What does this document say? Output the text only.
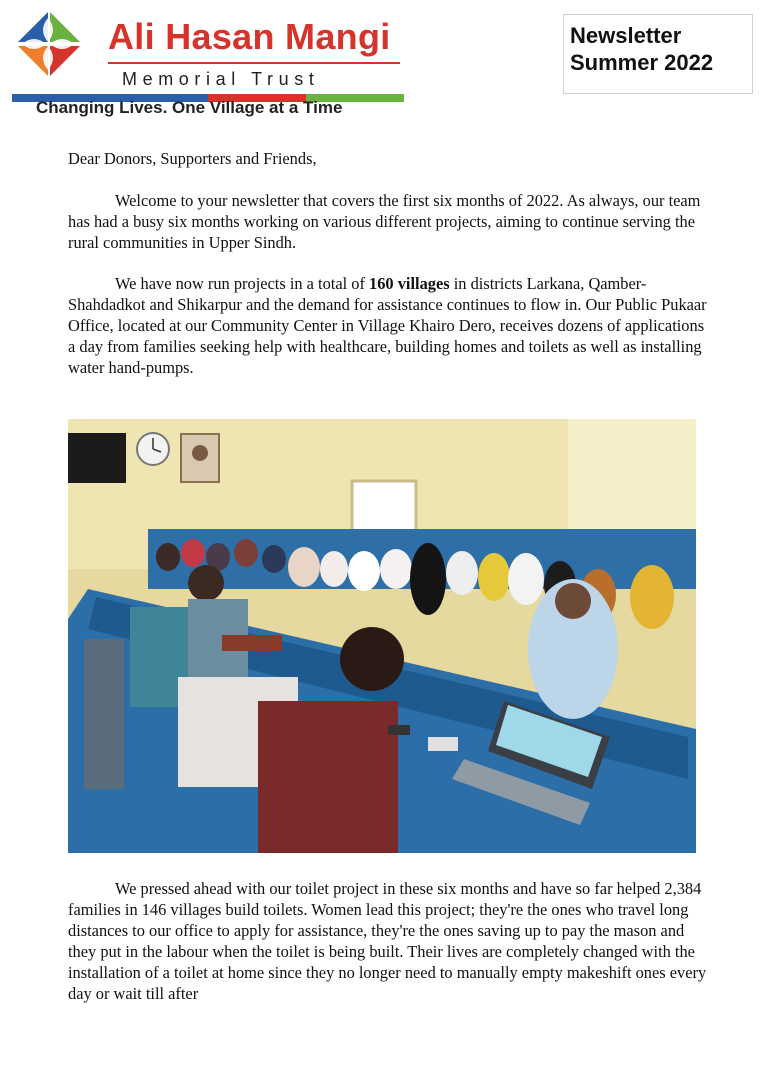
Ali Hasan Mangi
Memorial Trust
Changing Lives. One Village at a Time
Newsletter
Summer 2022

Dear Donors, Supporters and Friends,

Welcome to your newsletter that covers the first six months of 2022. As always, our team has had a busy six months working on various different projects, aiming to continue serving the rural communities in Upper Sindh.

We have now run projects in a total of 160 villages in districts Larkana, Qamber-Shahdadkot and Shikarpur and the demand for assistance continues to flow in. Our Public Pukaar Office, located at our Community Center in Village Khairo Dero, receives dozens of applications a day from families seeking help with healthcare, building homes and toilets as well as installing water hand-pumps.

We pressed ahead with our toilet project in these six months and have so far helped 2,384 families in 146 villages build toilets. Women lead this project; they're the ones who travel long distances to our office to apply for assistance, they're the ones saving up to pay the mason and they put in the labour when the toilet is being built. Their lives are completely changed with the installation of a toilet at home since they no longer need to manually empty makeshift ones every day or wait till after
